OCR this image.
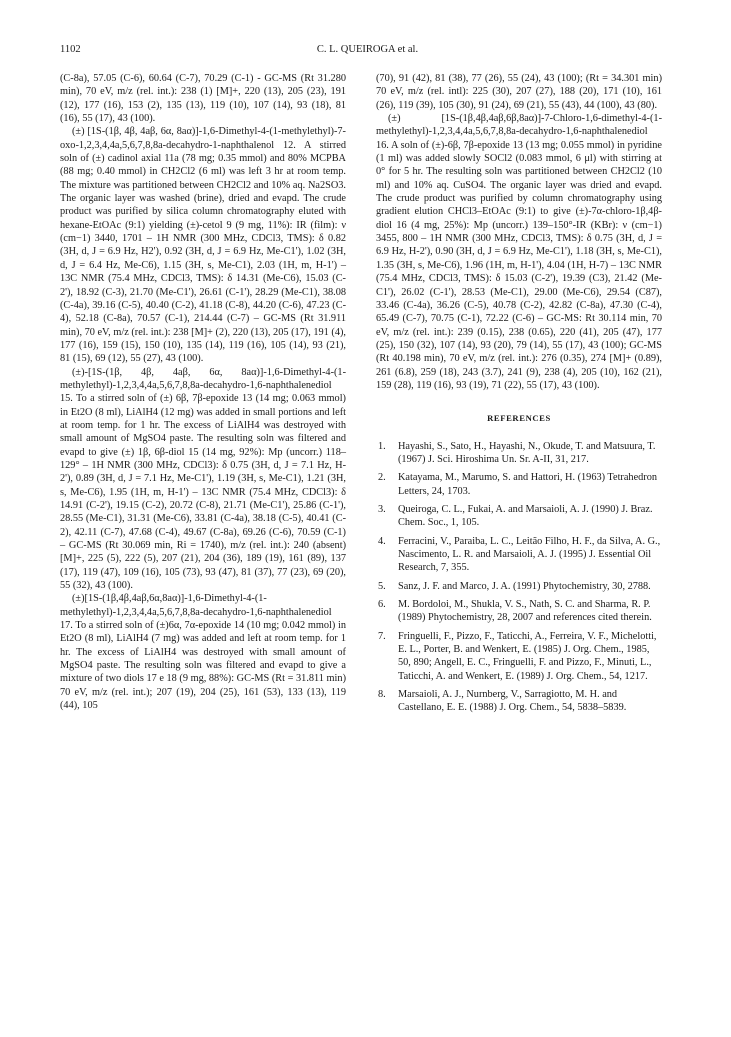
1102	C. L. QUEIROGA et al.

(C-8a), 57.05 (C-6), 60.64 (C-7), 70.29 (C-1) - GC-MS (Rt 31.280 min), 70 eV, m/z (rel. int.): 238 (1) [M]+, 220 (13), 205 (23), 191 (12), 177 (16), 153 (2), 135 (13), 119 (10), 107 (14), 93 (18), 81 (16), 55 (17), 43 (100).

(±) [1S-(1β, 4β, 4aβ, 6α, 8aα)]-1,6-Dimethyl-4-(1-methylethyl)-7-oxo-1,2,3,4,4a,5,6,7,8,8a-decahydro-1-naphthalenol 12. A stirred soln of (±) cadinol axial 11a (78 mg; 0.35 mmol) and 80% MCPBA (88 mg; 0.40 mmol) in CH2Cl2 (6 ml) was left 3 hr at room temp. The mixture was partitioned between CH2Cl2 and 10% aq. Na2SO3. The organic layer was washed (brine), dried and evapd. The crude product was purified by silica column chromatography eluted with hexane-EtOAc (9:1) yielding (±)-cetol 9 (9 mg, 11%): IR (film): ν (cm−1) 3440, 1701 – 1H NMR (300 MHz, CDCl3, TMS): δ 0.82 (3H, d, J = 6.9 Hz, H2'), 0.92 (3H, d, J = 6.9 Hz, Me-C1'), 1.02 (3H, d, J = 6.4 Hz, Me-C6), 1.15 (3H, s, Me-C1), 2.03 (1H, m, H-1') – 13C NMR (75.4 MHz, CDCl3, TMS): δ 14.31 (Me-C6), 15.03 (C-2'), 18.92 (C-3), 21.70 (Me-C1'), 26.61 (C-1'), 28.29 (Me-C1), 38.08 (C-4a), 39.16 (C-5), 40.40 (C-2), 41.18 (C-8), 44.20 (C-6), 47.23 (C-4), 52.18 (C-8a), 70.57 (C-1), 214.44 (C-7) – GC-MS (Rt 31.911 min), 70 eV, m/z (rel. int.): 238 [M]+ (2), 220 (13), 205 (17), 191 (4), 177 (16), 159 (15), 150 (10), 135 (14), 119 (16), 105 (14), 93 (21), 81 (15), 69 (12), 55 (27), 43 (100).

(±)-[1S-(1β, 4β, 4aβ, 6α, 8aα)]-1,6-Dimethyl-4-(1-methylethyl)-1,2,3,4,4a,5,6,7,8,8a-decahydro-1,6-naphthalenediol 15. To a stirred soln of (±) 6β, 7β-epoxide 13 (14 mg; 0.063 mmol) in Et2O (8 ml), LiAlH4 (12 mg) was added in small portions and left at room temp. for 1 hr. The excess of LiAlH4 was destroyed with small amount of MgSO4 paste. The resulting soln was filtered and evapd to give (±) 1β, 6β-diol 15 (14 mg, 92%): Mp (uncorr.) 118–129° – 1H NMR (300 MHz, CDCl3): δ 0.75 (3H, d, J = 7.1 Hz, H-2'), 0.89 (3H, d, J = 7.1 Hz, Me-C1'), 1.19 (3H, s, Me-C1), 1.21 (3H, s, Me-C6), 1.95 (1H, m, H-1') – 13C NMR (75.4 MHz, CDCl3): δ 14.91 (C-2'), 19.15 (C-2), 20.72 (C-8), 21.71 (Me-C1'), 25.86 (C-1'), 28.55 (Me-C1), 31.31 (Me-C6), 33.81 (C-4a), 38.18 (C-5), 40.41 (C-2), 42.11 (C-7), 47.68 (C-4), 49.67 (C-8a), 69.26 (C-6), 70.59 (C-1) – GC-MS (Rt 30.069 min, Ri = 1740), m/z (rel. int.): 240 (absent) [M]+, 225 (5), 222 (5), 207 (21), 204 (36), 189 (19), 161 (89), 137 (17), 119 (47), 109 (16), 105 (73), 93 (47), 81 (37), 77 (23), 69 (20), 55 (32), 43 (100).

(±)[1S-(1β,4β,4aβ,6α,8aα)]-1,6-Dimethyl-4-(1-methylethyl)-1,2,3,4,4a,5,6,7,8,8a-decahydro-1,6-naphthalenediol 17. To a stirred soln of (±)6α, 7α-epoxide 14 (10 mg; 0.042 mmol) in Et2O (8 ml), LiAlH4 (7 mg) was added and left at room temp. for 1 hr. The excess of LiAlH4 was destroyed with small amount of MgSO4 paste. The resulting soln was filtered and evapd to give a mixture of two diols 17 e 18 (9 mg, 88%): GC-MS (Rt = 31.811 min) 70 eV, m/z (rel. int.); 207 (19), 204 (25), 161 (53), 133 (13), 119 (44), 105

(70), 91 (42), 81 (38), 77 (26), 55 (24), 43 (100); (Rt = 34.301 min) 70 eV, m/z (rel. intl): 225 (30), 207 (27), 188 (20), 171 (10), 161 (26), 119 (39), 105 (30), 91 (24), 69 (21), 55 (43), 44 (100), 43 (80).

(±) [1S-(1β,4β,4aβ,6β,8aα)]-7-Chloro-1,6-dimethyl-4-(1-methylethyl)-1,2,3,4,4a,5,6,7,8,8a-decahydro-1,6-naphthalenediol 16. A soln of (±)-6β, 7β-epoxide 13 (13 mg; 0.055 mmol) in pyridine (1 ml) was added slowly SOCl2 (0.083 mmol, 6 μl) with stirring at 0° for 5 hr. The resulting soln was partitioned between CH2Cl2 (10 ml) and 10% aq. CuSO4. The organic layer was dried and evapd. The crude product was purified by column chromatography using gradient elution CHCl3–EtOAc (9:1) to give (±)-7α-chloro-1β,4β-diol 16 (4 mg, 25%): Mp (uncorr.) 139–150°-IR (KBr): ν (cm−1) 3455, 800 – 1H NMR (300 MHz, CDCl3, TMS): δ 0.75 (3H, d, J = 6.9 Hz, H-2'), 0.90 (3H, d, J = 6.9 Hz, Me-C1'), 1.18 (3H, s, Me-C1), 1.35 (3H, s, Me-C6), 1.96 (1H, m, H-1'), 4.04 (1H, H-7) – 13C NMR (75.4 MHz, CDCl3, TMS): δ 15.03 (C-2'), 19.39 (C3), 21.42 (Me-C1'), 26.02 (C-1'), 28.53 (Me-C1), 29.00 (Me-C6), 29.54 (C87), 33.46 (C-4a), 36.26 (C-5), 40.78 (C-2), 42.82 (C-8a), 47.30 (C-4), 65.49 (C-7), 70.75 (C-1), 72.22 (C-6) – GC-MS: Rt 30.114 min, 70 eV, m/z (rel. int.): 239 (0.15), 238 (0.65), 220 (41), 205 (47), 177 (25), 150 (32), 107 (14), 93 (20), 79 (14), 55 (17), 43 (100); GC-MS (Rt 40.198 min), 70 eV, m/z (rel. int.): 276 (0.35), 274 [M]+ (0.89), 261 (6.8), 259 (18), 243 (3.7), 241 (9), 238 (4), 205 (10), 162 (21), 159 (28), 119 (16), 93 (19), 71 (22), 55 (17), 43 (100).

REFERENCES

1.	Hayashi, S., Sato, H., Hayashi, N., Okude, T. and Matsuura, T. (1967) J. Sci. Hiroshima Un. Sr. A-II, 31, 217.

2.	Katayama, M., Marumo, S. and Hattori, H. (1963) Tetrahedron Letters, 24, 1703.

3.	Queiroga, C. L., Fukai, A. and Marsaioli, A. J. (1990) J. Braz. Chem. Soc., 1, 105.

4.	Ferracini, V., Paraiba, L. C., Leitão Filho, H. F., da Silva, A. G., Nascimento, L. R. and Marsaioli, A. J. (1995) J. Essential Oil Research, 7, 355.

5.	Sanz, J. F. and Marco, J. A. (1991) Phytochemistry, 30, 2788.

6.	M. Bordoloi, M., Shukla, V. S., Nath, S. C. and Sharma, R. P. (1989) Phytochemistry, 28, 2007 and references cited therein.

7.	Fringuelli, F., Pizzo, F., Taticchi, A., Ferreira, V. F., Michelotti, E. L., Porter, B. and Wenkert, E. (1985) J. Org. Chem., 1985, 50, 890; Angell, E. C., Fringuelli, F. and Pizzo, F., Minuti, L., Taticchi, A. and Wenkert, E. (1989) J. Org. Chem., 54, 1217.

8.	Marsaioli, A. J., Nurnberg, V., Sarragiotto, M. H. and Castellano, E. E. (1988) J. Org. Chem., 54, 5838–5839.
